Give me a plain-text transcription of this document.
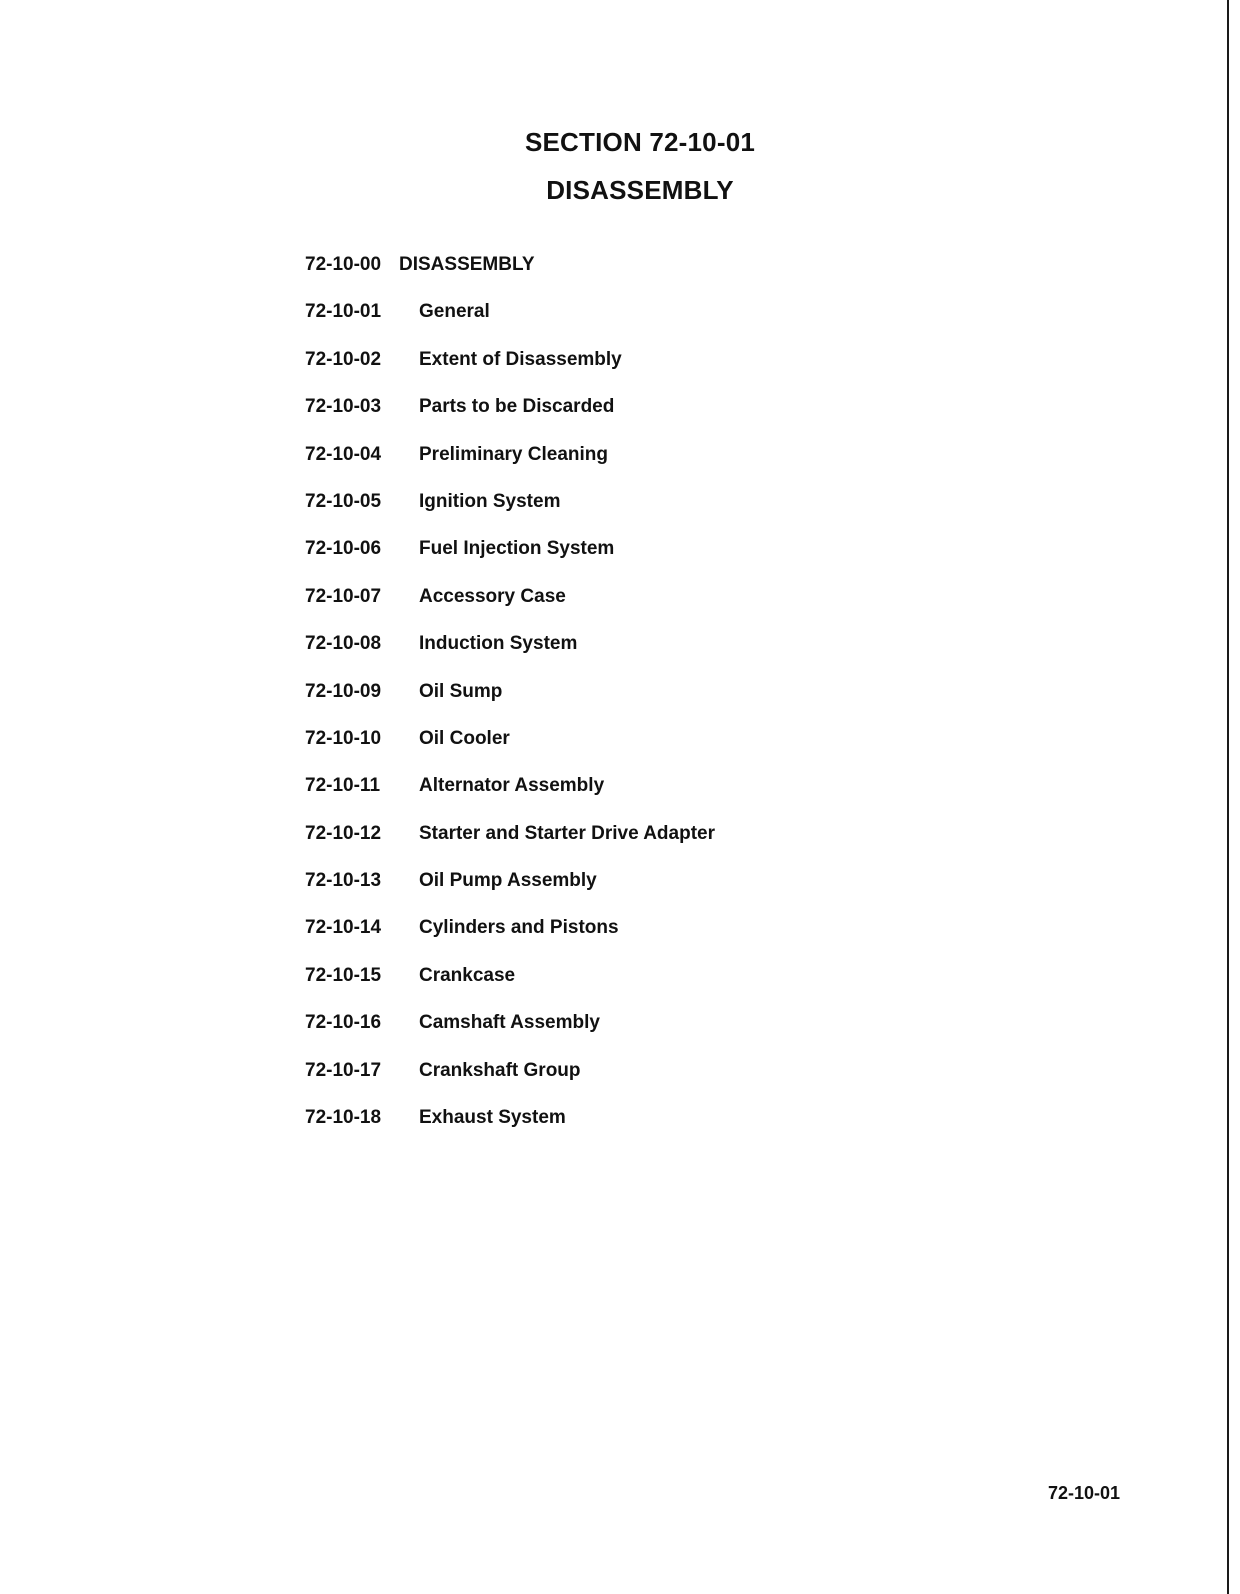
SECTION 72-10-01
DISASSEMBLY
72-10-00 DISASSEMBLY
72-10-01	General
72-10-02	Extent of Disassembly
72-10-03	Parts to be Discarded
72-10-04	Preliminary Cleaning
72-10-05	Ignition System
72-10-06	Fuel Injection System
72-10-07	Accessory Case
72-10-08	Induction System
72-10-09	Oil Sump
72-10-10	Oil Cooler
72-10-11	Alternator Assembly
72-10-12	Starter and Starter Drive Adapter
72-10-13	Oil Pump Assembly
72-10-14	Cylinders and Pistons
72-10-15	Crankcase
72-10-16	Camshaft Assembly
72-10-17	Crankshaft Group
72-10-18	Exhaust System
72-10-01
